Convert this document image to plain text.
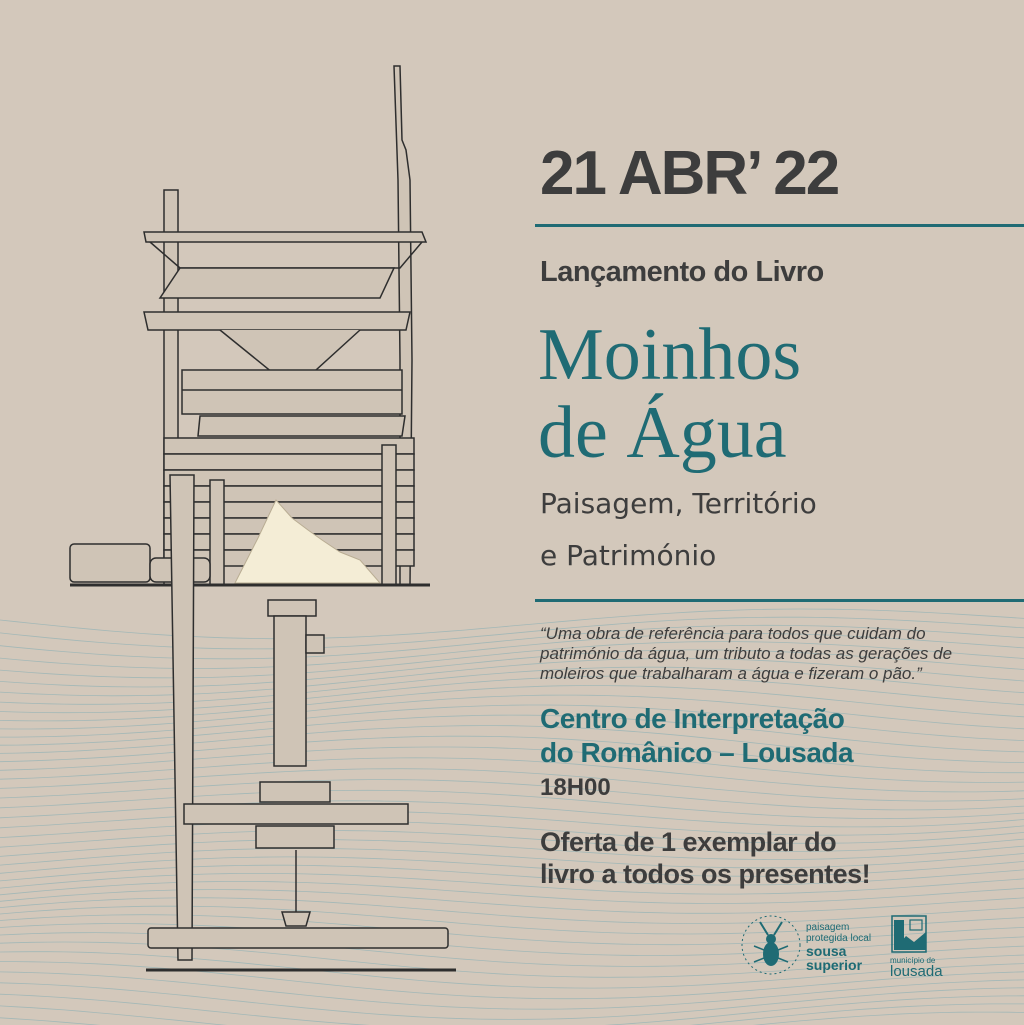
21 ABR’ 22
Lançamento do Livro
Moinhos
de Água
Paisagem, Território
e Património
“Uma obra de referência para todos que cuidam do património da água, um tributo a todas as gerações de moleiros que trabalharam a água e fizeram o pão.”
Centro de Interpretação
do Românico – Lousada
18H00
Oferta de 1 exemplar do
livro a todos os presentes!
paisagem
protegida local
sousa
superior	município de
lousada
